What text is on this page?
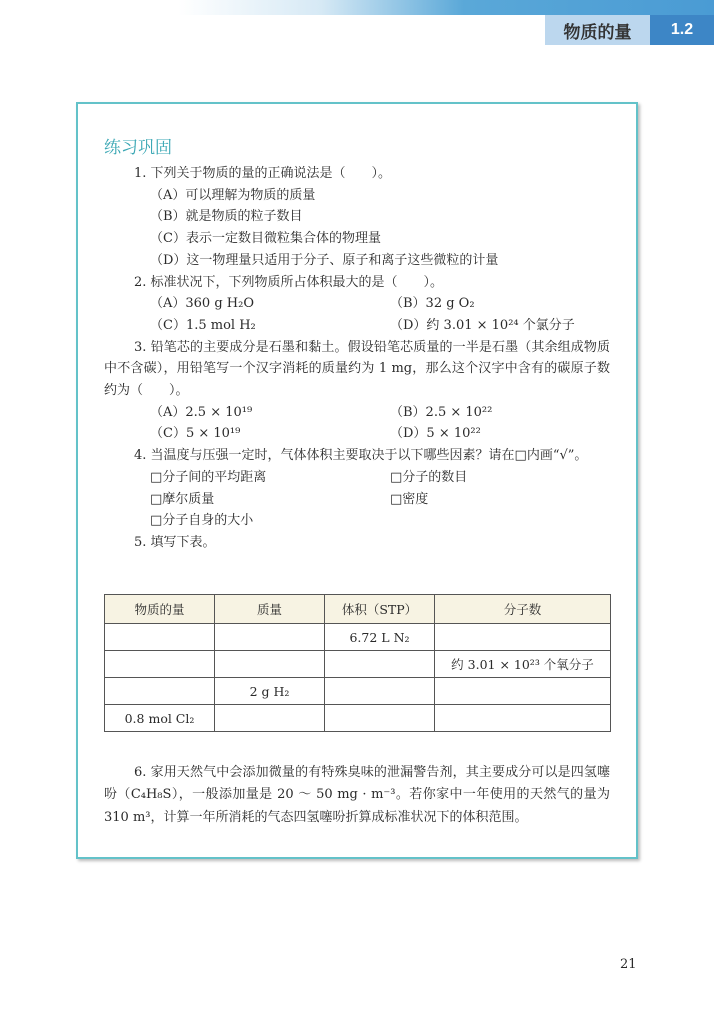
物质的量	1.2
练习巩固

1. 下列关于物质的量的正确说法是（　　）。

（A）可以理解为物质的质量

（B）就是物质的粒子数目

（C）表示一定数目微粒集合体的物理量

（D）这一物理量只适用于分子、原子和离子这些微粒的计量

2. 标准状况下，下列物质所占体积最大的是（　　）。

（A）360 g H₂O	（B）32 g O₂
（C）1.5 mol H₂	（D）约 3.01 × 10²⁴ 个氯分子

3. 铅笔芯的主要成分是石墨和黏土。假设铅笔芯质量的一半是石墨（其余组成物质中不含碳），用铅笔写一个汉字消耗的质量约为 1 mg，那么这个汉字中含有的碳原子数约为（　　）。

（A）2.5 × 10¹⁹	（B）2.5 × 10²²
（C）5 × 10¹⁹	（D）5 × 10²²

4. 当温度与压强一定时，气体体积主要取决于以下哪些因素？请在□内画“√”。

□分子间的平均距离	□分子的数目
□摩尔质量	□密度
□分子自身的大小

5. 填写下表。

物质的量	质量	体积（STP）	分子数
		6.72 L N₂	
			约 3.01 × 10²³ 个氧分子
	2 g H₂		
0.8 mol Cl₂			

6. 家用天然气中会添加微量的有特殊臭味的泄漏警告剂，其主要成分可以是四氢噻吩（C₄H₈S），一般添加量是 20 ～ 50 mg · m⁻³。若你家中一年使用的天然气的量为 310 m³，计算一年所消耗的气态四氢噻吩折算成标准状况下的体积范围。

21
